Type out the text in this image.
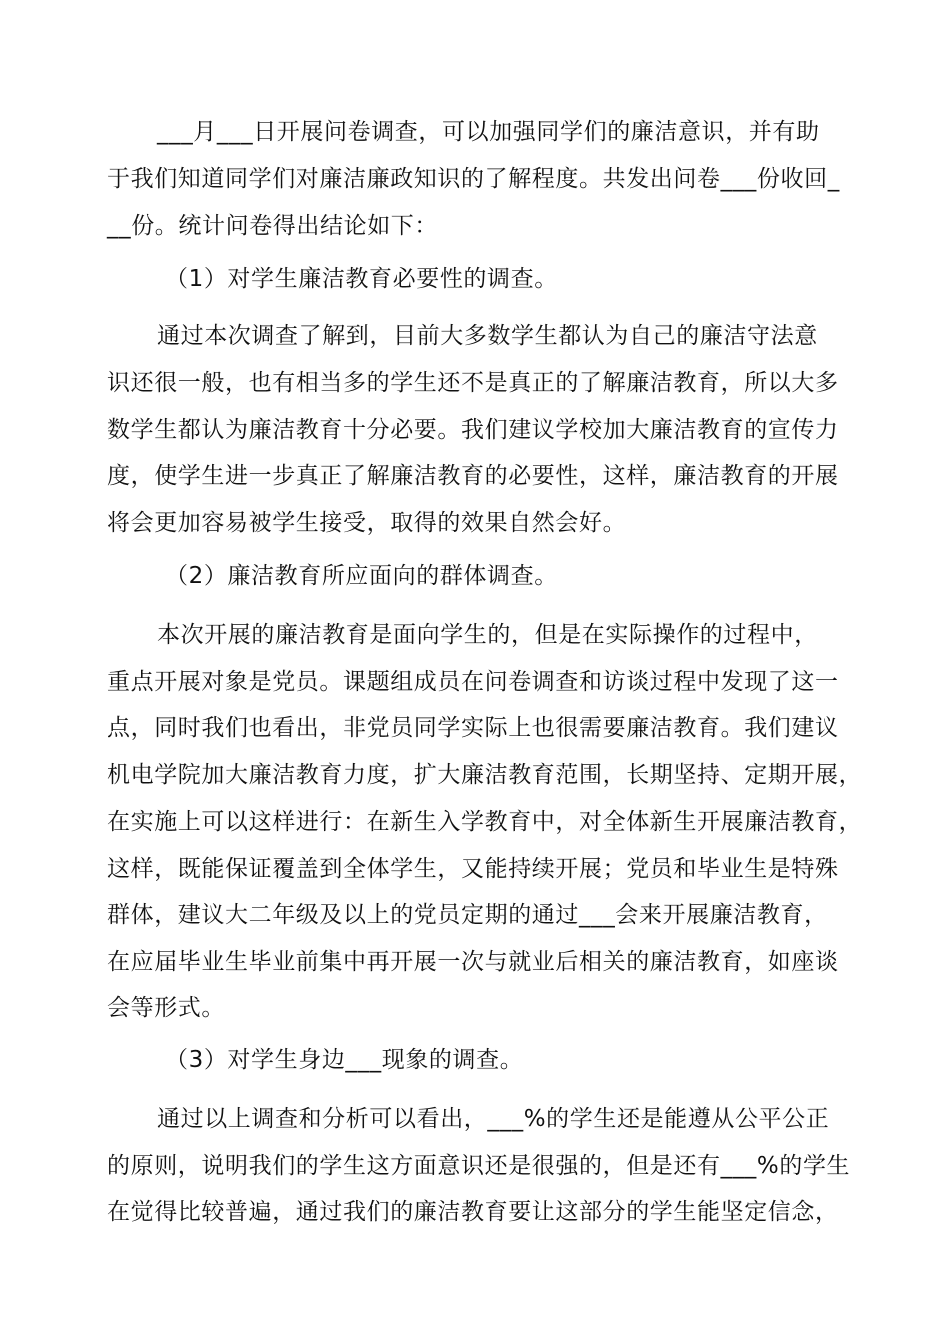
___月___日开展问卷调查，可以加强同学们的廉洁意识，并有助
于我们知道同学们对廉洁廉政知识的了解程度。共发出问卷___份收回_
__份。统计问卷得出结论如下：
（1）对学生廉洁教育必要性的调查。
通过本次调查了解到，目前大多数学生都认为自己的廉洁守法意
识还很一般，也有相当多的学生还不是真正的了解廉洁教育，所以大多
数学生都认为廉洁教育十分必要。我们建议学校加大廉洁教育的宣传力
度，使学生进一步真正了解廉洁教育的必要性，这样，廉洁教育的开展
将会更加容易被学生接受，取得的效果自然会好。
（2）廉洁教育所应面向的群体调查。
本次开展的廉洁教育是面向学生的，但是在实际操作的过程中，
重点开展对象是党员。课题组成员在问卷调查和访谈过程中发现了这一
点，同时我们也看出，非党员同学实际上也很需要廉洁教育。我们建议
机电学院加大廉洁教育力度，扩大廉洁教育范围，长期坚持、定期开展，
在实施上可以这样进行：在新生入学教育中，对全体新生开展廉洁教育，
这样，既能保证覆盖到全体学生，又能持续开展；党员和毕业生是特殊
群体，建议大二年级及以上的党员定期的通过___会来开展廉洁教育，
在应届毕业生毕业前集中再开展一次与就业后相关的廉洁教育，如座谈
会等形式。
（3）对学生身边___现象的调查。
通过以上调查和分析可以看出，___%的学生还是能遵从公平公正
的原则，说明我们的学生这方面意识还是很强的，但是还有___%的学生
在觉得比较普遍，通过我们的廉洁教育要让这部分的学生能坚定信念，
